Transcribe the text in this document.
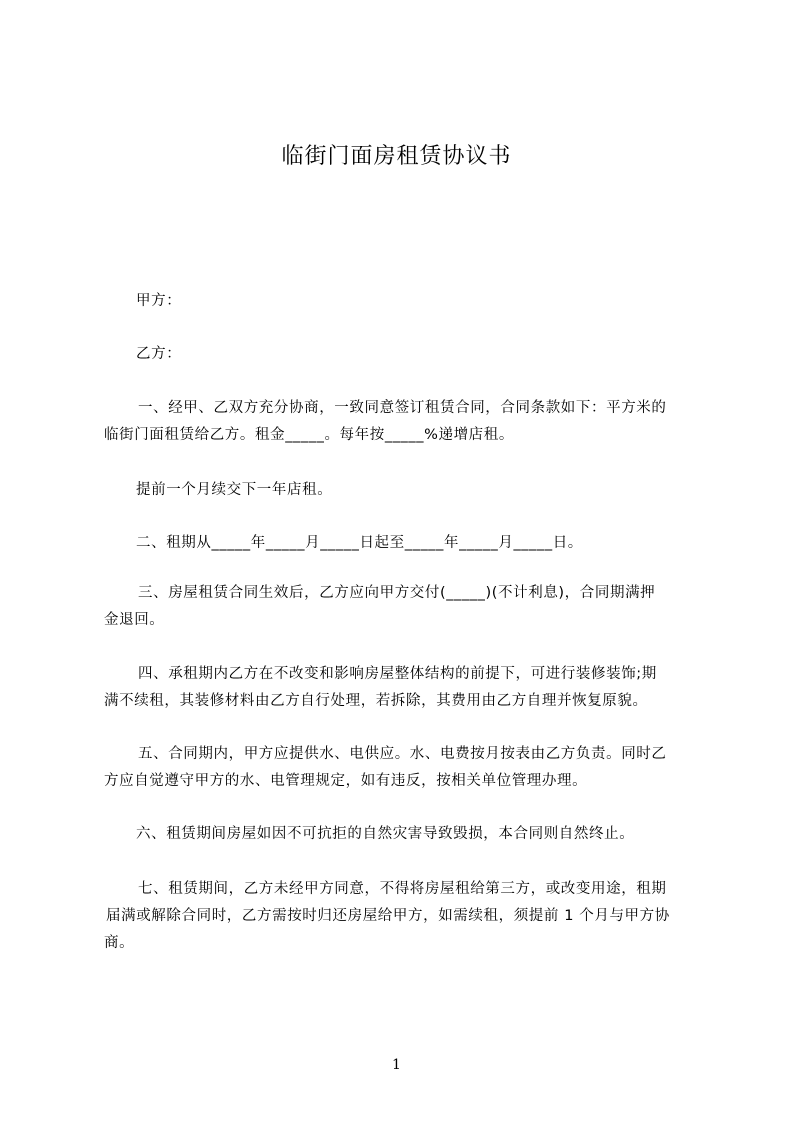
临街门面房租赁协议书
甲方：
乙方：
一、经甲、乙双方充分协商，一致同意签订租赁合同，合同条款如下：平方米的
临街门面租赁给乙方。租金_____。每年按_____%递增店租。
提前一个月续交下一年店租。
二、租期从_____年_____月_____日起至_____年_____月_____日。
三、房屋租赁合同生效后，乙方应向甲方交付(_____)(不计利息)，合同期满押
金退回。
四、承租期内乙方在不改变和影响房屋整体结构的前提下，可进行装修装饰;期
满不续租，其装修材料由乙方自行处理，若拆除，其费用由乙方自理并恢复原貌。
五、合同期内，甲方应提供水、电供应。水、电费按月按表由乙方负责。同时乙
方应自觉遵守甲方的水、电管理规定，如有违反，按相关单位管理办理。
六、租赁期间房屋如因不可抗拒的自然灾害导致毁损，本合同则自然终止。
七、租赁期间，乙方未经甲方同意，不得将房屋租给第三方，或改变用途，租期
届满或解除合同时，乙方需按时归还房屋给甲方，如需续租，须提前 1 个月与甲方协
商。
1
